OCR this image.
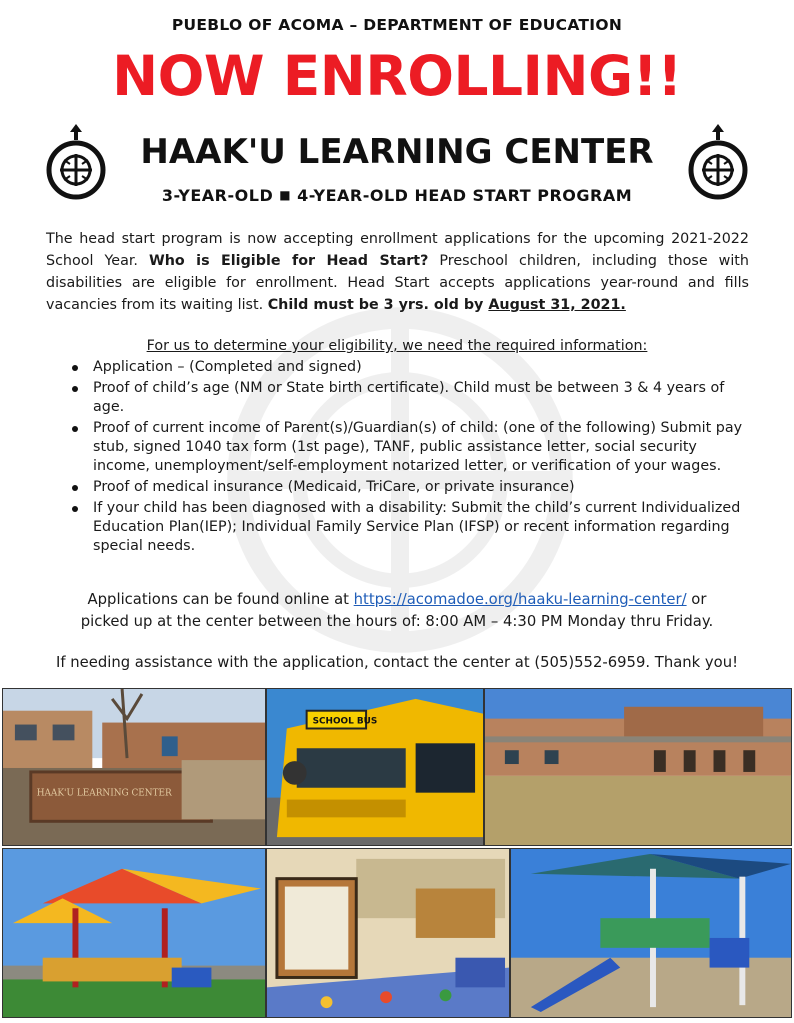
PUEBLO OF ACOMA – DEPARTMENT OF EDUCATION
NOW ENROLLING!!
HAAK'U LEARNING CENTER
3-YEAR-OLD ■ 4-YEAR-OLD HEAD START PROGRAM

The head start program is now accepting enrollment applications for the upcoming 2021-2022 School Year. Who is Eligible for Head Start? Preschool children, including those with disabilities are eligible for enrollment. Head Start accepts applications year-round and fills vacancies from its waiting list. Child must be 3 yrs. old by August 31, 2021.

For us to determine your eligibility, we need the required information:
Application – (Completed and signed)
Proof of child’s age (NM or State birth certificate). Child must be between 3 & 4 years of age.
Proof of current income of Parent(s)/Guardian(s) of child: (one of the following) Submit pay stub, signed 1040 tax form (1st page), TANF, public assistance letter, social security income, unemployment/self-employment notarized letter, or verification of your wages.
Proof of medical insurance (Medicaid, TriCare, or private insurance)
If your child has been diagnosed with a disability: Submit the child’s current Individualized Education Plan(IEP); Individual Family Service Plan (IFSP) or recent information regarding special needs.
Applications can be found online at https://acomadoe.org/haaku-learning-center/ or
picked up at the center between the hours of: 8:00 AM – 4:30 PM Monday thru Friday.
If needing assistance with the application, contact the center at (505)552-6959. Thank you!
HAAK'U LEARNING CENTER
SCHOOL BUS
